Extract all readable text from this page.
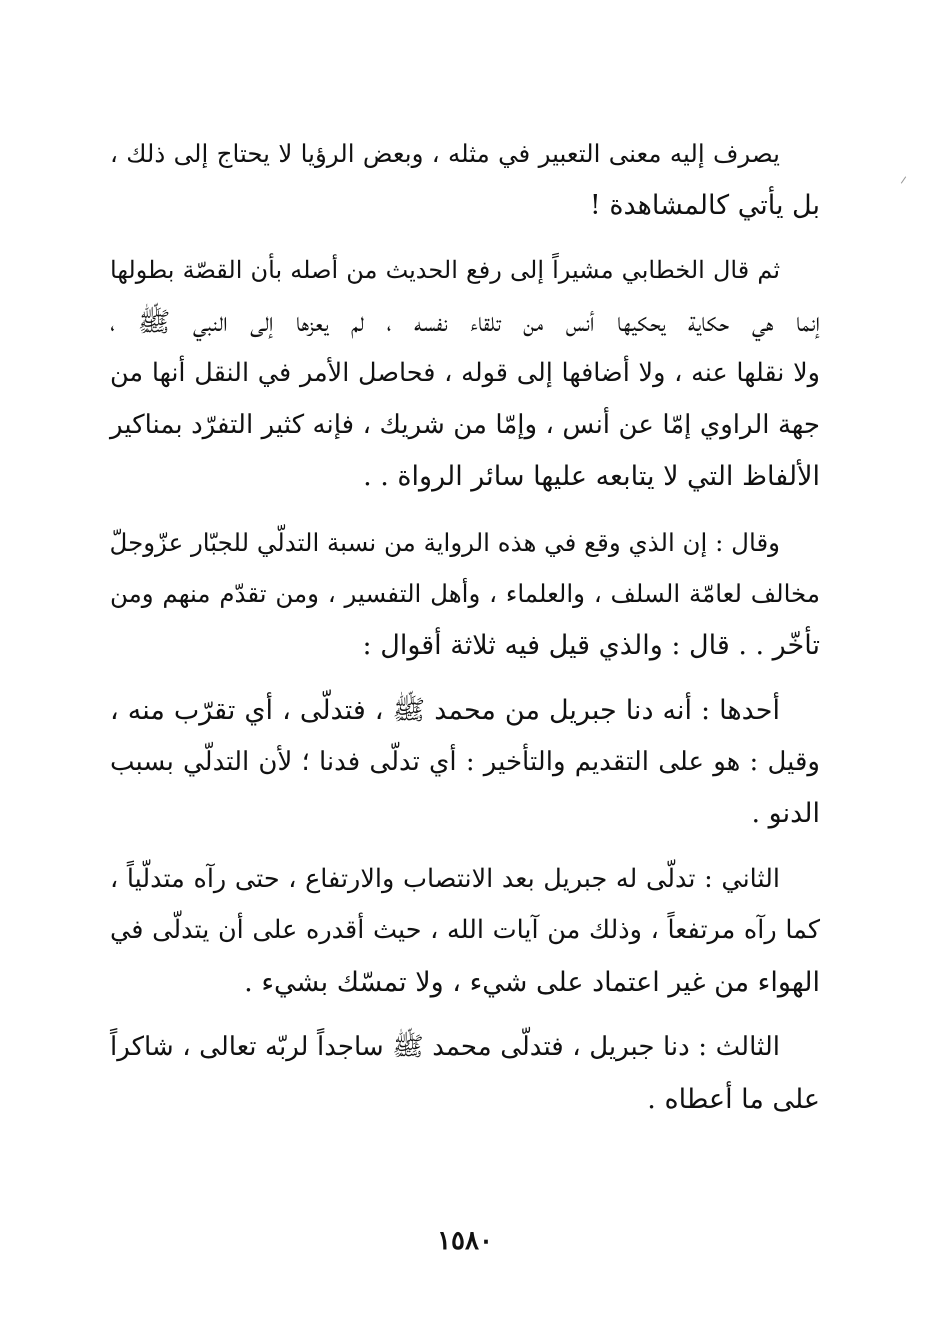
يصرف إليه معنى التعبير في مثله ، وبعض الرؤيا لا يحتاج إلى ذلك ،
بل يأتي كالمشاهدة !
ثم قال الخطابي مشيراً إلى رفع الحديث من أصله بأن القصّة بطولها
إنما هي حكاية يحكيها أنس من تلقاء نفسه ، لم يعزها إلى النبي ﷺ ،
ولا نقلها عنه ، ولا أضافها إلى قوله ، فحاصل الأمر في النقل أنها من
جهة الراوي إمّا عن أنس ، وإمّا من شريك ، فإنه كثير التفرّد بمناكير
الألفاظ التي لا يتابعه عليها سائر الرواة . .
وقال : إن الذي وقع في هذه الرواية من نسبة التدلّي للجبّار عزّوجلّ
مخالف لعامّة السلف ، والعلماء ، وأهل التفسير ، ومن تقدّم منهم ومن
تأخّر . . قال : والذي قيل فيه ثلاثة أقوال :
أحدها : أنه دنا جبريل من محمد ﷺ ، فتدلّى ، أي تقرّب منه ،
وقيل : هو على التقديم والتأخير : أي تدلّى فدنا ؛ لأن التدلّي بسبب
الدنو .
الثاني : تدلّى له جبريل بعد الانتصاب والارتفاع ، حتى رآه متدلّياً ،
كما رآه مرتفعاً ، وذلك من آيات الله ، حيث أقدره على أن يتدلّى في
الهواء من غير اعتماد على شيء ، ولا تمسّك بشيء .
الثالث : دنا جبريل ، فتدلّى محمد ﷺ ساجداً لربّه تعالى ، شاكراً
على ما أعطاه .
١٥٨٠
